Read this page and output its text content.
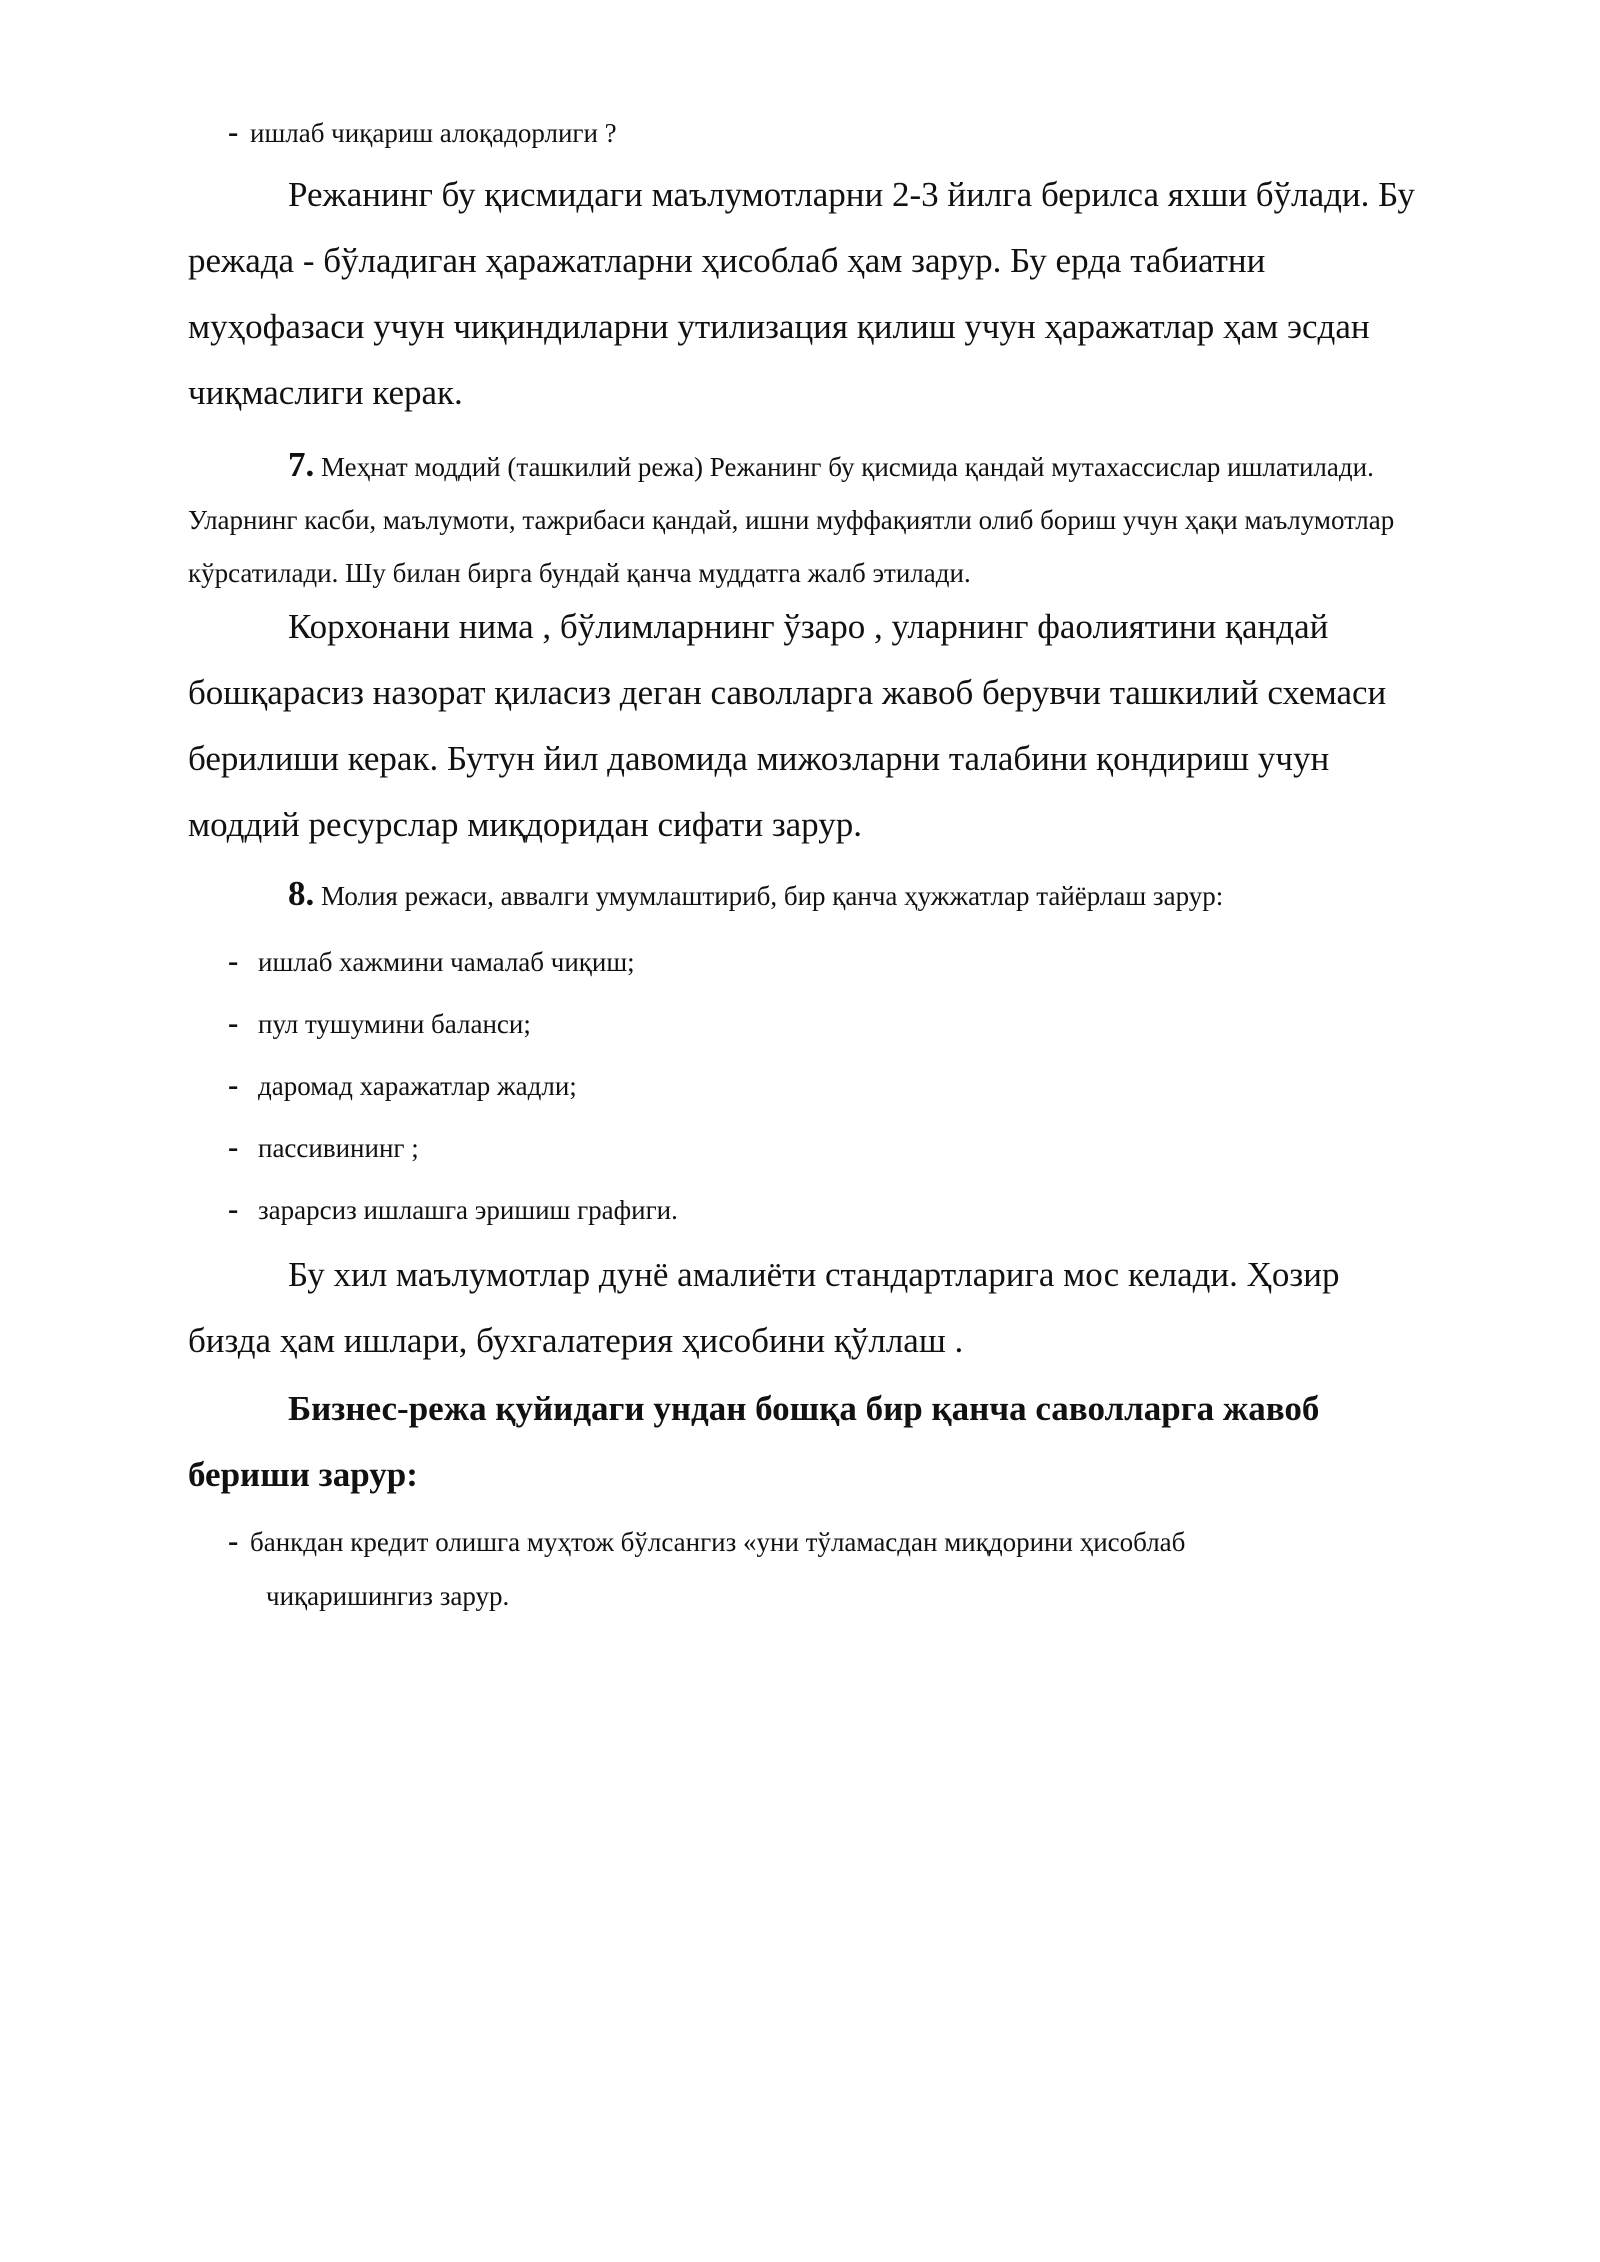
- ишлаб чиқариш алоқадорлиги ?

Режанинг бу қисмидаги маълумотларни 2-3 йилга берилса яхши бўлади. Бу режада - бўладиган ҳаражатларни ҳисоблаб ҳам зарур. Бу ерда табиатни муҳофазаси учун чиқиндиларни утилизация қилиш учун ҳаражатлар ҳам эсдан чиқмаслиги керак.

7. Меҳнат моддий (ташкилий режа) Режанинг бу қисмида қандай мутахассислар ишлатилади. Уларнинг касби, маълумоти, тажрибаси қандай, ишни муффақиятли олиб бориш учун ҳақи маълумотлар кўрсатилади. Шу билан бирга бундай қанча муддатга жалб этилади.

Корхонани нима , бўлимларнинг ўзаро , уларнинг фаолиятини қандай бошқарасиз назорат қиласиз деган саволларга жавоб берувчи ташкилий схемаси берилиши керак. Бутун йил давомида мижозларни талабини қондириш учун моддий ресурслар миқдоридан сифати зарур.

8. Молия режаси, аввалги умумлаштириб, бир қанча ҳужжатлар тайёрлаш зарур:

- ишлаб хажмини чамалаб чиқиш;
- пул тушумини баланси;
- даромад харажатлар жадли;
- пассивининг ;
- зарарсиз ишлашга эришиш графиги.

Бу хил маълумотлар дунё амалиёти стандартларига мос келади. Ҳозир бизда ҳам ишлари, бухгалатерия ҳисобини қўллаш .

Бизнес-режа қуйидаги ундан бошқа бир қанча саволларга жавоб бериши зарур:

- банкдан кредит олишга муҳтож бўлсангиз «уни тўламасдан миқдорини ҳисоблаб
чиқаришингиз зарур.
